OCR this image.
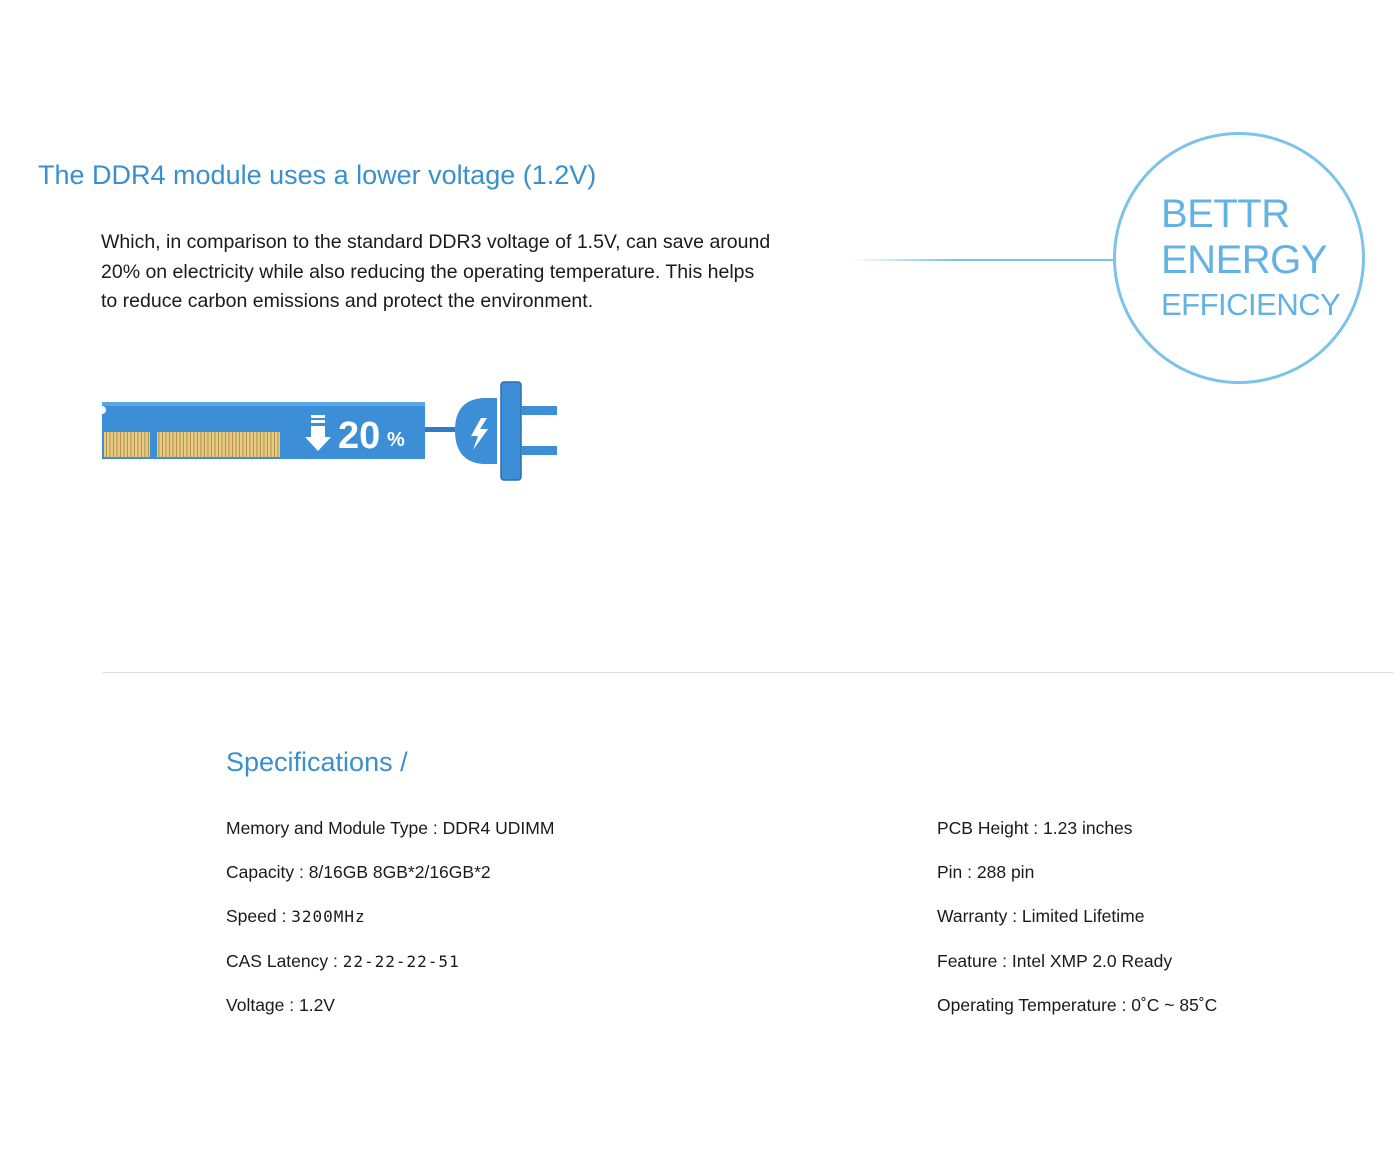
The DDR4 module uses a lower voltage (1.2V)

Which, in comparison to the standard DDR3 voltage of 1.5V, can save around 20% on electricity while also reducing the operating temperature. This helps to reduce carbon emissions and protect the environment.

BETTR
ENERGY
EFFICIENCY
20 %
Specifications /
Memory and Module Type : DDR4 UDIMM
Capacity : 8/16GB 8GB*2/16GB*2
Speed : 3200MHz
CAS Latency : 22-22-22-51
Voltage : 1.2V
PCB Height : 1.23 inches
Pin : 288 pin
Warranty : Limited Lifetime
Feature : Intel XMP 2.0 Ready
Operating Temperature : 0˚C ~ 85˚C
